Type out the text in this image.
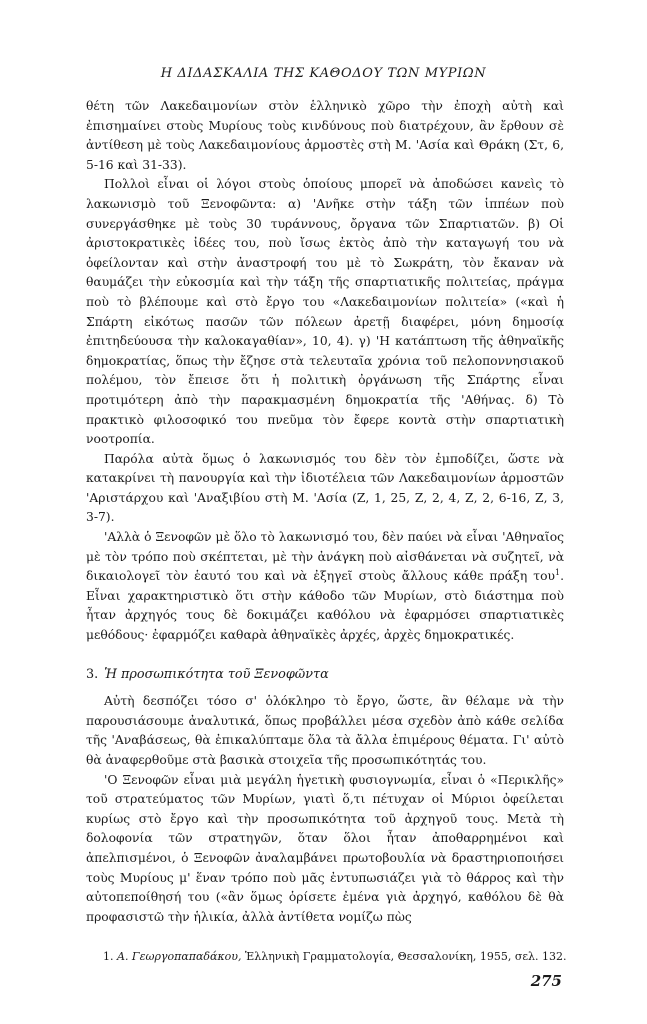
Η ΔΙΔΑΣΚΑΛΙΑ ΤΗΣ ΚΑΘΟΔΟΥ ΤΩΝ ΜΥΡΙΩΝ

θέτη τῶν Λακεδαιμονίων στὸν ἑλληνικὸ χῶρο τὴν ἐποχὴ αὐτὴ καὶ ἐπισημαίνει στοὺς Μυρίους τοὺς κινδύνους ποὺ διατρέχουν, ἂν ἔρθουν σὲ ἀντίθεση μὲ τοὺς Λακεδαιμονίους ἁρμοστὲς στὴ Μ. 'Ασία καὶ Θράκη (Στ, 6, 5-16 καὶ 31-33).

Πολλοὶ εἶναι οἱ λόγοι στοὺς ὁποίους μπορεῖ νὰ ἀποδώσει κανεὶς τὸ λακωνισμὸ τοῦ Ξενοφῶντα: α) 'Ανῆκε στὴν τάξη τῶν ἱππέων ποὺ συνεργάσθηκε μὲ τοὺς 30 τυράννους, ὄργανα τῶν Σπαρτιατῶν. β) Οἱ ἀριστοκρατικὲς ἰδέες του, ποὺ ἴσως ἐκτὸς ἀπὸ τὴν καταγωγή του νὰ ὀφείλονταν καὶ στὴν ἀναστροφή του μὲ τὸ Σωκράτη, τὸν ἔκαναν νὰ θαυμάζει τὴν εὐκοσμία καὶ τὴν τάξη τῆς σπαρτιατικῆς πολιτείας, πράγμα ποὺ τὸ βλέπουμε καὶ στὸ ἔργο του «Λακεδαιμονίων πολιτεία» («καὶ ἡ Σπάρτη εἰκότως πασῶν τῶν πόλεων ἀρετῇ διαφέρει, μόνη δημοσίᾳ ἐπιτηδεύουσα τὴν καλοκαγαθίαν», 10, 4). γ) 'Η κατάπτωση τῆς ἀθηναϊκῆς δημοκρατίας, ὅπως τὴν ἔζησε στὰ τελευταῖα χρόνια τοῦ πελοποννησιακοῦ πολέμου, τὸν ἔπεισε ὅτι ἡ πολιτικὴ ὀργάνωση τῆς Σπάρτης εἶναι προτιμότερη ἀπὸ τὴν παρακμασμένη δημοκρατία τῆς 'Αθήνας. δ) Τὸ πρακτικὸ φιλοσοφικό του πνεῦμα τὸν ἔφερε κοντὰ στὴν σπαρτιατικὴ νοοτροπία.

Παρόλα αὐτὰ ὅμως ὁ λακωνισμός του δὲν τὸν ἐμποδίζει, ὥστε νὰ κατακρίνει τὴ πανουργία καὶ τὴν ἰδιοτέλεια τῶν Λακεδαιμονίων ἁρμοστῶν 'Αριστάρχου καὶ 'Αναξιβίου στὴ Μ. 'Ασία (Ζ, 1, 25, Ζ, 2, 4, Ζ, 2, 6-16, Ζ, 3, 3-7).

'Αλλὰ ὁ Ξενοφῶν μὲ ὅλο τὸ λακωνισμό του, δὲν παύει νὰ εἶναι 'Αθηναῖος μὲ τὸν τρόπο ποὺ σκέπτεται, μὲ τὴν ἀνάγκη ποὺ αἰσθάνεται νὰ συζητεῖ, νὰ δικαιολογεῖ τὸν ἑαυτό του καὶ νὰ ἐξηγεῖ στοὺς ἄλλους κάθε πράξη του$^1$. Εἶναι χαρακτηριστικὸ ὅτι στὴν κάθοδο τῶν Μυρίων, στὸ διάστημα ποὺ ἦταν ἀρχηγός τους δὲ δοκιμάζει καθόλου νὰ ἐφαρμόσει σπαρτιατικὲς μεθόδους· ἐφαρμόζει καθαρὰ ἀθηναϊκὲς ἀρχές, ἀρχὲς δημοκρατικές.

3. Ἡ προσωπικότητα τοῦ Ξενοφῶντα

Αὐτὴ δεσπόζει τόσο σ' ὁλόκληρο τὸ ἔργο, ὥστε, ἂν θέλαμε νὰ τὴν παρουσιάσουμε ἀναλυτικά, ὅπως προβάλλει μέσα σχεδὸν ἀπὸ κάθε σελίδα τῆς 'Αναβάσεως, θὰ ἐπικαλύπταμε ὅλα τὰ ἄλλα ἐπιμέρους θέματα. Γι' αὐτὸ θὰ ἀναφερθοῦμε στὰ βασικὰ στοιχεῖα τῆς προσωπικότητάς του.

'Ο Ξενοφῶν εἶναι μιὰ μεγάλη ἡγετικὴ φυσιογνωμία, εἶναι ὁ «Περικλῆς» τοῦ στρατεύματος τῶν Μυρίων, γιατὶ ὅ,τι πέτυχαν οἱ Μύριοι ὀφείλεται κυρίως στὸ ἔργο καὶ τὴν προσωπικότητα τοῦ ἀρχηγοῦ τους. Μετὰ τὴ δολοφονία τῶν στρατηγῶν, ὅταν ὅλοι ἦταν ἀποθαρρημένοι καὶ ἀπελπισμένοι, ὁ Ξενοφῶν ἀναλαμβάνει πρωτοβουλία νὰ δραστηριοποιήσει τοὺς Μυρίους μ' ἕναν τρόπο ποὺ μᾶς ἐντυπωσιάζει γιὰ τὸ θάρρος καὶ τὴν αὐτοπεποίθησή του («ἂν ὅμως ὁρίσετε ἐμένα γιὰ ἀρχηγό, καθόλου δὲ θὰ προφασιστῶ τὴν ἡλικία, ἀλλὰ ἀντίθετα νομίζω πὼς

1. Α. Γεωργοπαπαδάκου, Ἑλληνικὴ Γραμματολογία, Θεσσαλονίκη, 1955, σελ. 132.
275
